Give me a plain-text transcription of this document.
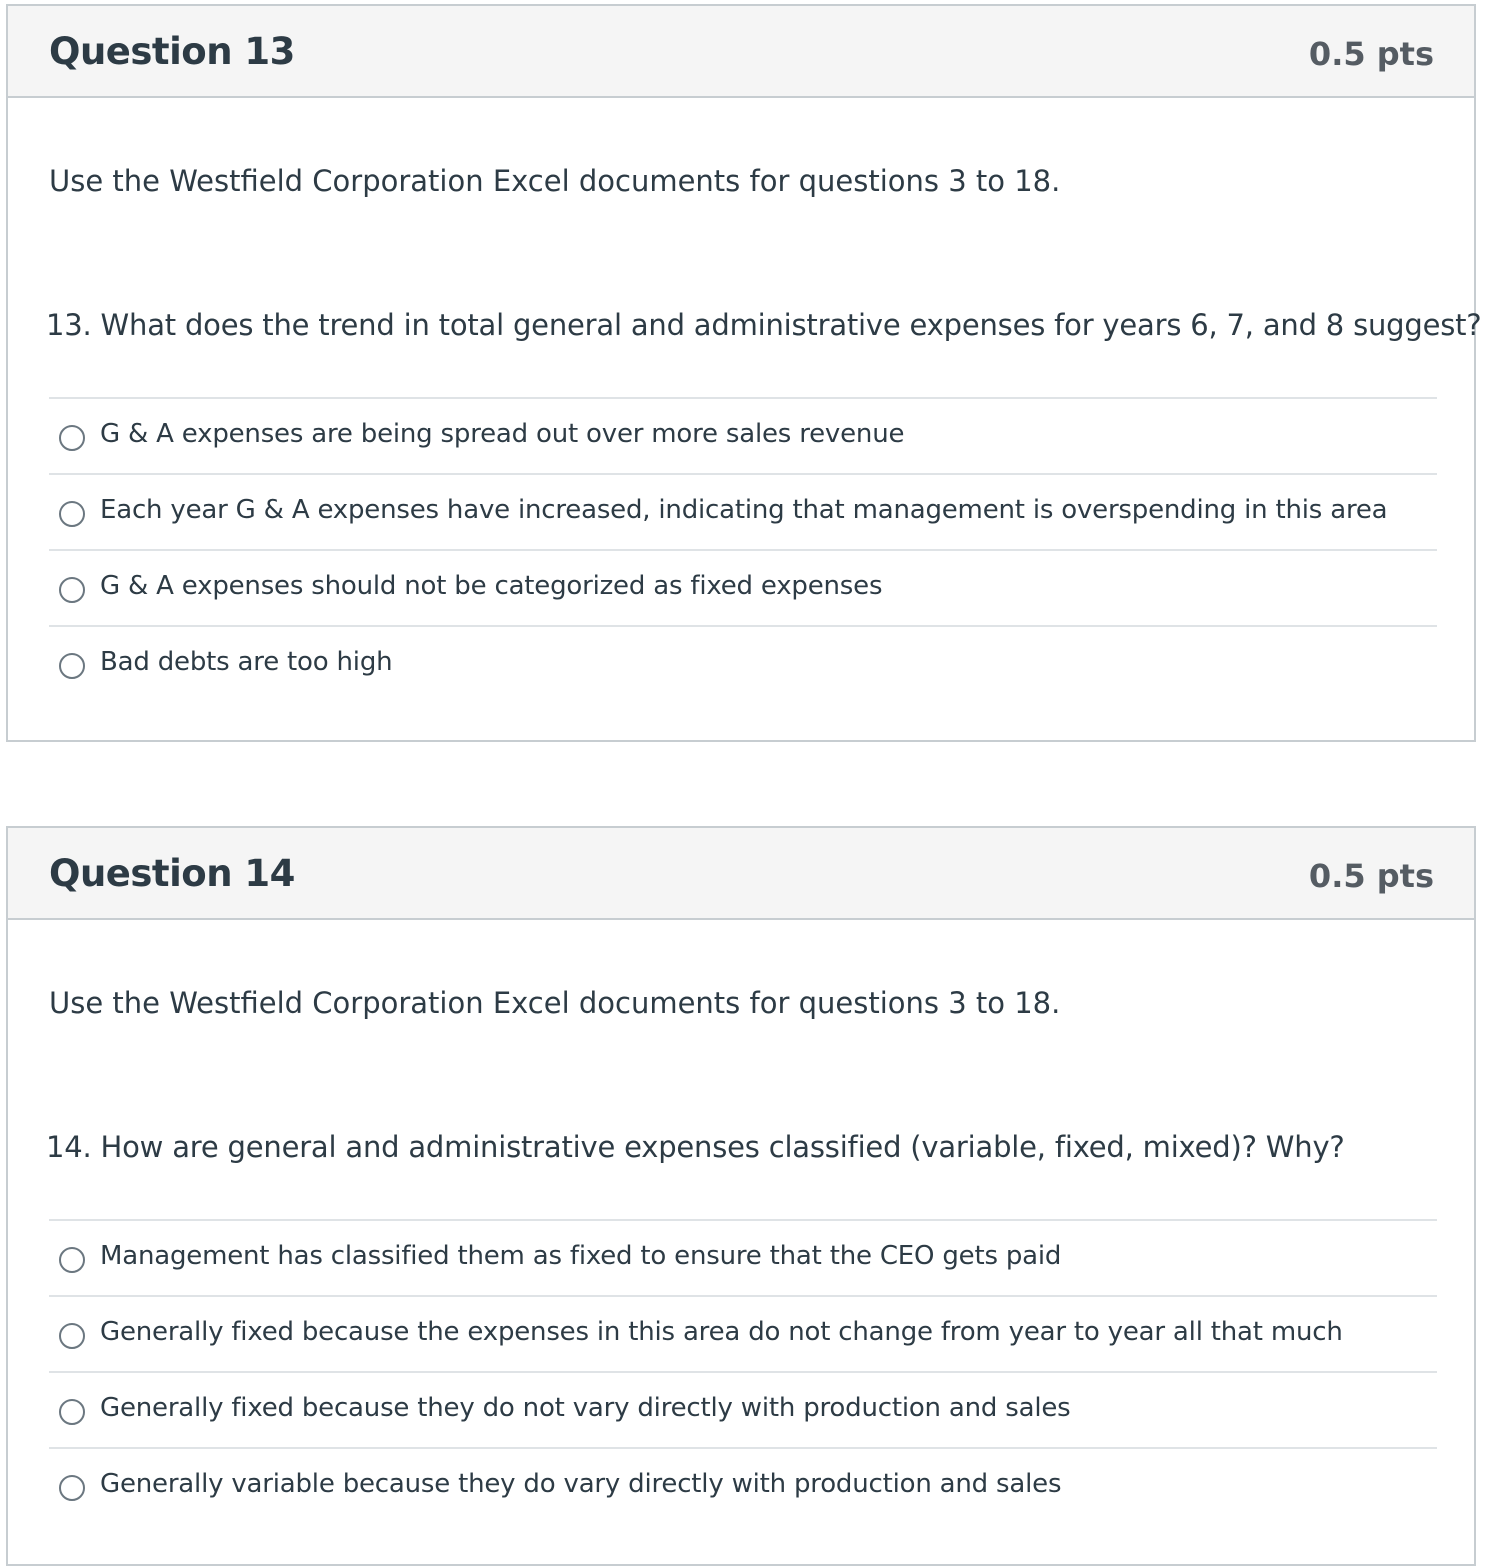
Question 13	0.5 pts
Use the Westfield Corporation Excel documents for questions 3 to 18.
13. What does the trend in total general and administrative expenses for years 6, 7, and 8 suggest?
G & A expenses are being spread out over more sales revenue
Each year G & A expenses have increased, indicating that management is overspending in this area
G & A expenses should not be categorized as fixed expenses
Bad debts are too high
Question 14	0.5 pts
Use the Westfield Corporation Excel documents for questions 3 to 18.
14. How are general and administrative expenses classified (variable, fixed, mixed)? Why?
Management has classified them as fixed to ensure that the CEO gets paid
Generally fixed because the expenses in this area do not change from year to year all that much
Generally fixed because they do not vary directly with production and sales
Generally variable because they do vary directly with production and sales
